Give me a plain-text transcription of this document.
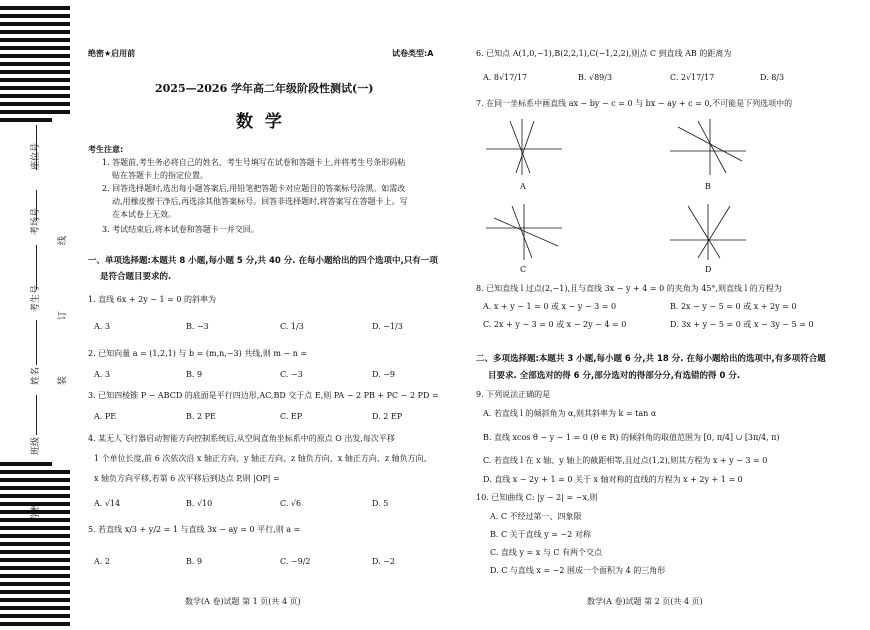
座位号
考场号
考生号
姓名
班级
学校
线
订
装
绝密★启用前	试卷类型:A
2025—2026 学年高二年级阶段性测试(一)
数  学
考生注意:
1. 答题前,考生务必将自己的姓名、考生号填写在试卷和答题卡上,并将考生号条形码粘
贴在答题卡上的指定位置。
2. 回答选择题时,选出每小题答案后,用铅笔把答题卡对应题目的答案标号涂黑。如需改
动,用橡皮擦干净后,再选涂其他答案标号。回答非选择题时,将答案写在答题卡上。写
在本试卷上无效。
3. 考试结束后,将本试卷和答题卡一并交回。
一、单项选择题:本题共 8 小题,每小题 5 分,共 40 分. 在每小题给出的四个选项中,只有一项
是符合题目要求的.
1. 直线 6x + 2y − 1 = 0 的斜率为
A. 3	B. −3	C. 1/3	D. −1/3
2. 已知向量 a = (1,2,1) 与 b = (m,n,−3) 共线,则 m − n =
A. 3	B. 9	C. −3	D. −9
3. 已知四棱锥 P − ABCD 的底面是平行四边形,AC,BD 交于点 E,则 PA − 2 PB + PC − 2 PD =
A. PE	B. 2 PE	C. EP	D. 2 EP
4. 某无人飞行器启动智能方向控制系统后,从空间直角坐标系中的原点 O 出发,每次平移
1 个单位长度,前 6 次依次沿 x 轴正方向、y 轴正方向、z 轴负方向、x 轴正方向、z 轴负方向、
x 轴负方向平移,若第 6 次平移后到达点 P,则 |OP| =
A. √14	B. √10	C. √6	D. 5
5. 若直线 x/3 + y/2 = 1 与直线 3x − ay = 0 平行,则 a =
A. 2	B. 9	C. −9/2	D. −2
数学(A 卷)试题 第 1 页(共 4 页)
6. 已知点 A(1,0,−1),B(2,2,1),C(−1,2,2),则点 C 到直线 AB 的距离为
A. 8√17/17	B. √89/3	C. 2√17/17	D. 8/3
7. 在同一坐标系中画直线 ax − by − c = 0 与 bx − ay + c = 0,不可能是下列选项中的
A	B
C	D
8. 已知直线 l 过点(2,−1),且与直线 3x − y + 4 = 0 的夹角为 45°,则直线 l 的方程为
A. x + y − 1 = 0 或 x − y − 3 = 0	B. 2x − y − 5 = 0 或 x + 2y = 0
C. 2x + y − 3 = 0 或 x − 2y − 4 = 0	D. 3x + y − 5 = 0 或 x − 3y − 5 = 0
二、多项选择题:本题共 3 小题,每小题 6 分,共 18 分. 在每小题给出的选项中,有多项符合题
目要求. 全部选对的得 6 分,部分选对的得部分分,有选错的得 0 分.
9. 下列说法正确的是
A. 若直线 l 的倾斜角为 α,则其斜率为 k = tan α
B. 直线 xcos θ − y − 1 = 0 (θ ∈ R) 的倾斜角的取值范围为 [0, π/4] ∪ [3π/4, π)
C. 若直线 l 在 x 轴、y 轴上的截距相等,且过点(1,2),则其方程为 x + y − 3 = 0
D. 直线 x − 2y + 1 = 0 关于 x 轴对称的直线的方程为 x + 2y + 1 = 0
10. 已知曲线 C: |y − 2| = −x,则
A. C 不经过第一、四象限
B. C 关于直线 y = −2 对称
C. 直线 y = x 与 C 有两个交点
D. C 与直线 x = −2 围成一个面积为 4 的三角形
数学(A 卷)试题 第 2 页(共 4 页)
